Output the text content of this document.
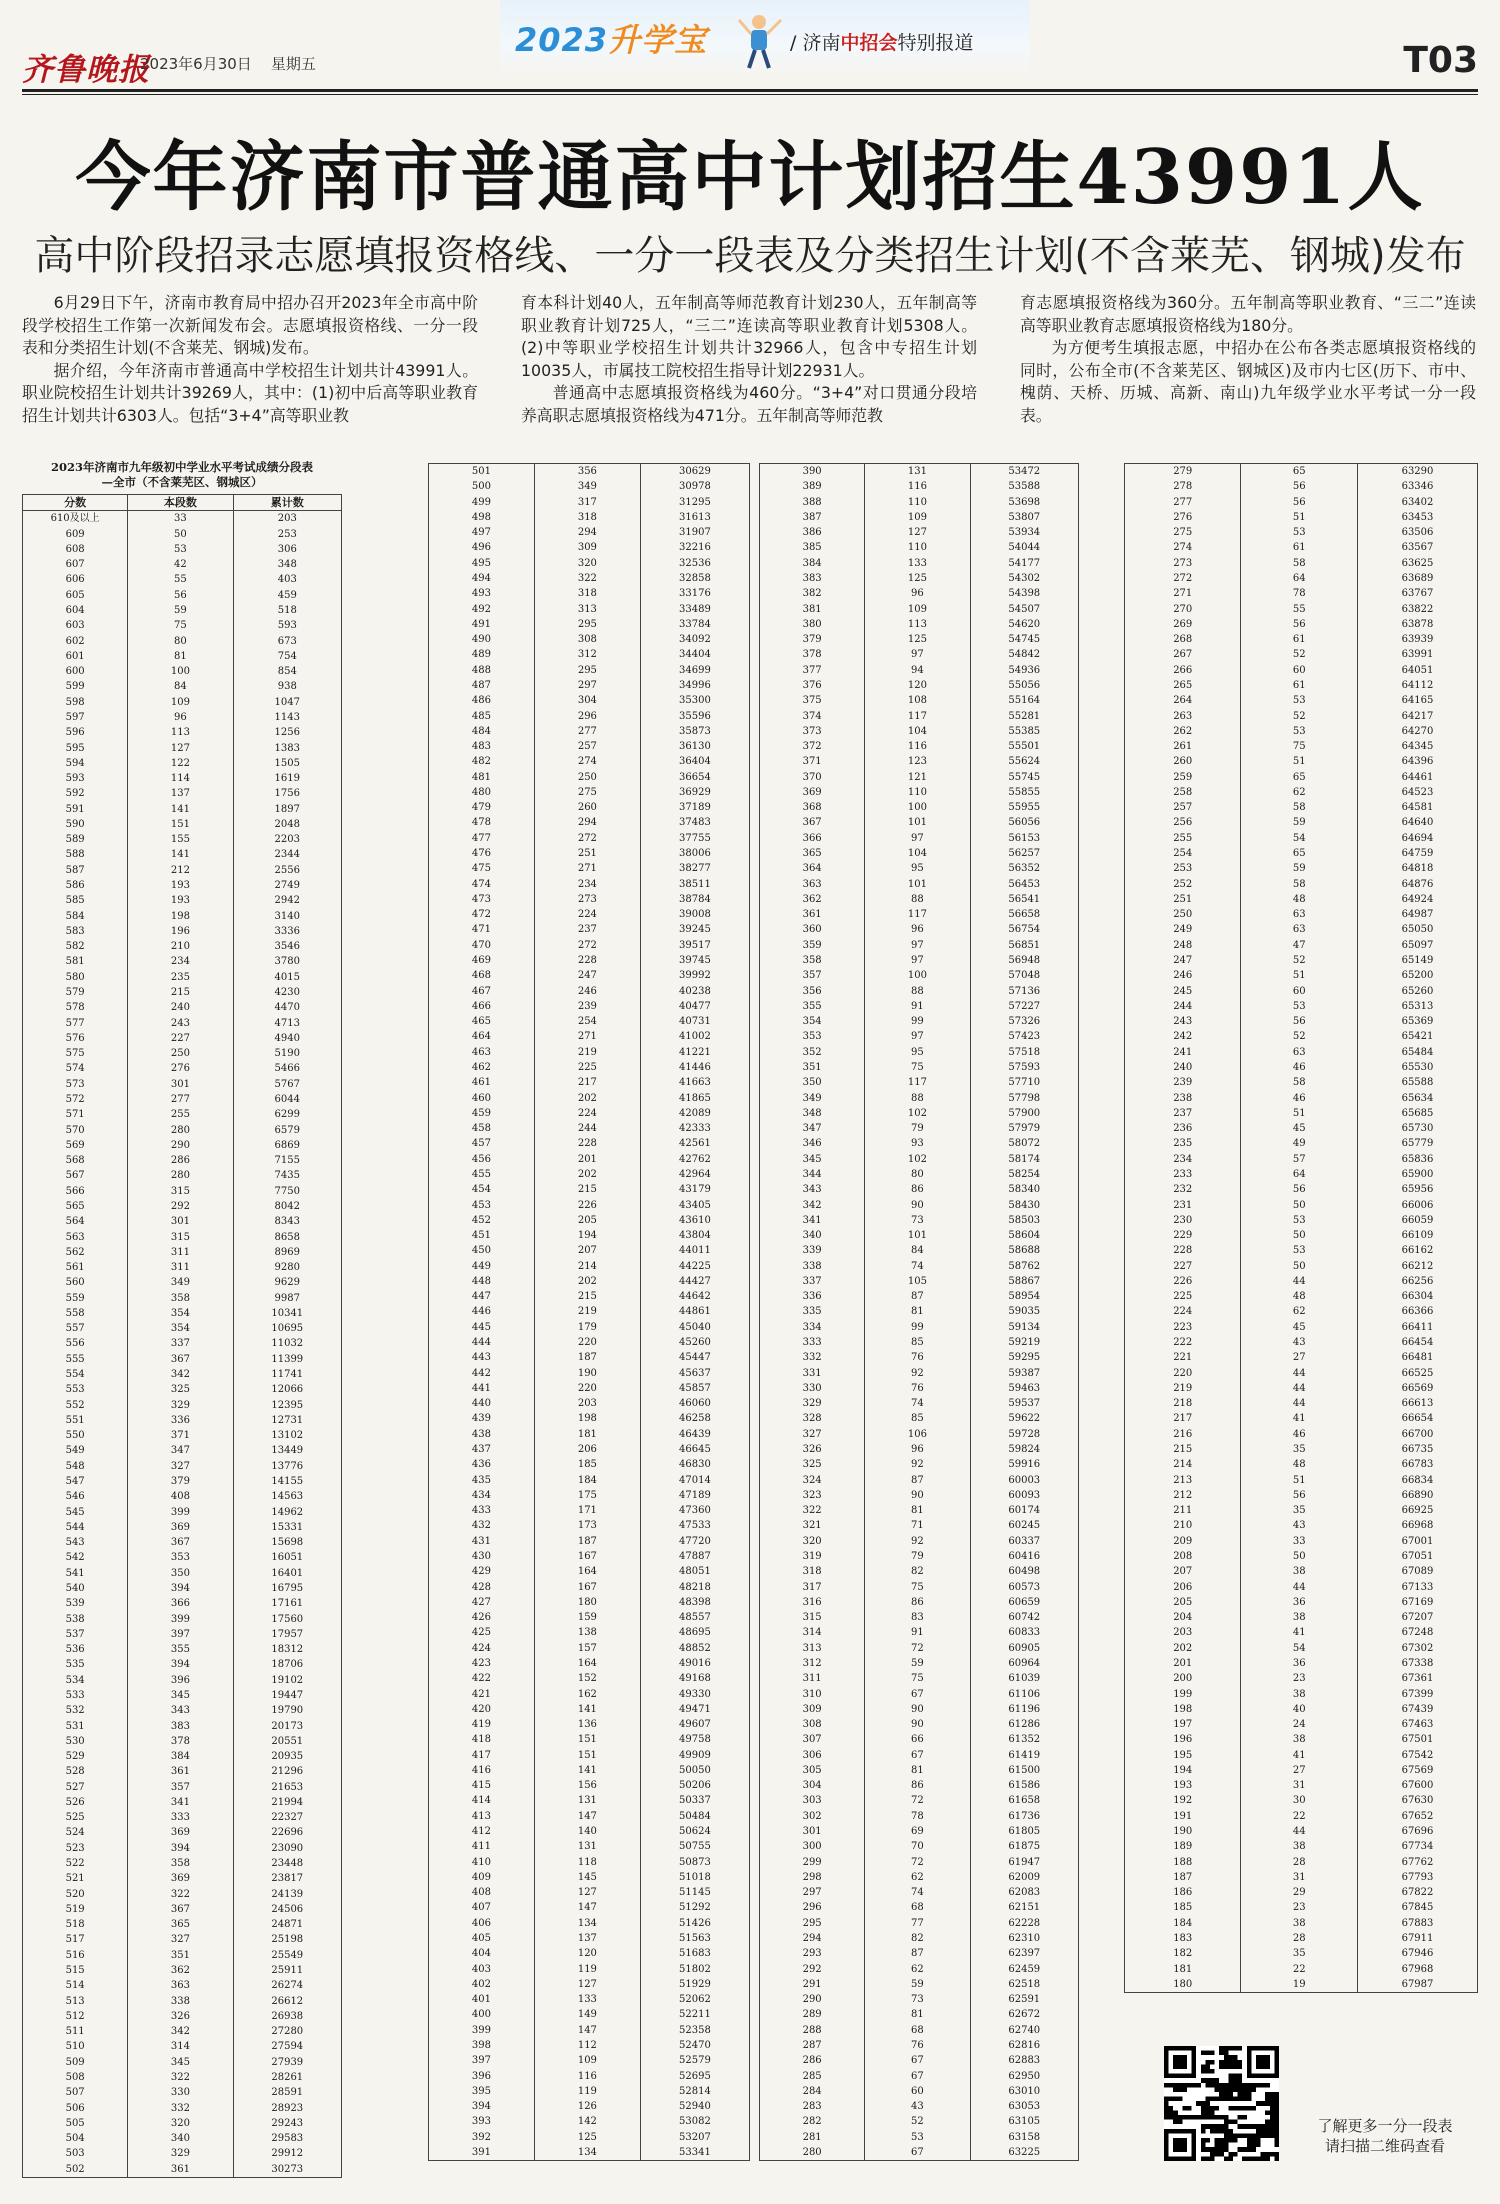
齐鲁晚报
2023年6月30日 星期五
2023升学宝	/ 济南中招会特别报道	T03
今年济南市普通高中计划招生43991人
高中阶段招录志愿填报资格线、一分一段表及分类招生计划(不含莱芜、钢城)发布

6月29日下午，济南市教育局中招办召开2023年全市高中阶段学校招生工作第一次新闻发布会。志愿填报资格线、一分一段表和分类招生计划(不含莱芜、钢城)发布。

据介绍，今年济南市普通高中学校招生计划共计43991人。职业院校招生计划共计39269人，其中：(1)初中后高等职业教育招生计划共计6303人。包括“3+4”高等职业教

育本科计划40人，五年制高等师范教育计划230人，五年制高等职业教育计划725人，“三二”连读高等职业教育计划5308人。(2)中等职业学校招生计划共计32966人，包含中专招生计划10035人，市属技工院校招生指导计划22931人。

普通高中志愿填报资格线为460分。“3+4”对口贯通分段培养高职志愿填报资格线为471分。五年制高等师范教

育志愿填报资格线为360分。五年制高等职业教育、“三二”连读高等职业教育志愿填报资格线为180分。

为方便考生填报志愿，中招办在公布各类志愿填报资格线的同时，公布全市(不含莱芜区、钢城区)及市内七区(历下、市中、槐荫、天桥、历城、高新、南山)九年级学业水平考试一分一段表。

2023年济南市九年级初中学业水平考试成绩分段表
—全市（不含莱芜区、钢城区）
分数	本段数	累计数
610及以上	33	203
609	50	253
608	53	306
607	42	348
606	55	403
605	56	459
604	59	518
603	75	593
602	80	673
601	81	754
600	100	854
599	84	938
598	109	1047
597	96	1143
596	113	1256
595	127	1383
594	122	1505
593	114	1619
592	137	1756
591	141	1897
590	151	2048
589	155	2203
588	141	2344
587	212	2556
586	193	2749
585	193	2942
584	198	3140
583	196	3336
582	210	3546
581	234	3780
580	235	4015
579	215	4230
578	240	4470
577	243	4713
576	227	4940
575	250	5190
574	276	5466
573	301	5767
572	277	6044
571	255	6299
570	280	6579
569	290	6869
568	286	7155
567	280	7435
566	315	7750
565	292	8042
564	301	8343
563	315	8658
562	311	8969
561	311	9280
560	349	9629
559	358	9987
558	354	10341
557	354	10695
556	337	11032
555	367	11399
554	342	11741
553	325	12066
552	329	12395
551	336	12731
550	371	13102
549	347	13449
548	327	13776
547	379	14155
546	408	14563
545	399	14962
544	369	15331
543	367	15698
542	353	16051
541	350	16401
540	394	16795
539	366	17161
538	399	17560
537	397	17957
536	355	18312
535	394	18706
534	396	19102
533	345	19447
532	343	19790
531	383	20173
530	378	20551
529	384	20935
528	361	21296
527	357	21653
526	341	21994
525	333	22327
524	369	22696
523	394	23090
522	358	23448
521	369	23817
520	322	24139
519	367	24506
518	365	24871
517	327	25198
516	351	25549
515	362	25911
514	363	26274
513	338	26612
512	326	26938
511	342	27280
510	314	27594
509	345	27939
508	322	28261
507	330	28591
506	332	28923
505	320	29243
504	340	29583
503	329	29912
502	361	30273
501	356	30629
500	349	30978
499	317	31295
498	318	31613
497	294	31907
496	309	32216
495	320	32536
494	322	32858
493	318	33176
492	313	33489
491	295	33784
490	308	34092
489	312	34404
488	295	34699
487	297	34996
486	304	35300
485	296	35596
484	277	35873
483	257	36130
482	274	36404
481	250	36654
480	275	36929
479	260	37189
478	294	37483
477	272	37755
476	251	38006
475	271	38277
474	234	38511
473	273	38784
472	224	39008
471	237	39245
470	272	39517
469	228	39745
468	247	39992
467	246	40238
466	239	40477
465	254	40731
464	271	41002
463	219	41221
462	225	41446
461	217	41663
460	202	41865
459	224	42089
458	244	42333
457	228	42561
456	201	42762
455	202	42964
454	215	43179
453	226	43405
452	205	43610
451	194	43804
450	207	44011
449	214	44225
448	202	44427
447	215	44642
446	219	44861
445	179	45040
444	220	45260
443	187	45447
442	190	45637
441	220	45857
440	203	46060
439	198	46258
438	181	46439
437	206	46645
436	185	46830
435	184	47014
434	175	47189
433	171	47360
432	173	47533
431	187	47720
430	167	47887
429	164	48051
428	167	48218
427	180	48398
426	159	48557
425	138	48695
424	157	48852
423	164	49016
422	152	49168
421	162	49330
420	141	49471
419	136	49607
418	151	49758
417	151	49909
416	141	50050
415	156	50206
414	131	50337
413	147	50484
412	140	50624
411	131	50755
410	118	50873
409	145	51018
408	127	51145
407	147	51292
406	134	51426
405	137	51563
404	120	51683
403	119	51802
402	127	51929
401	133	52062
400	149	52211
399	147	52358
398	112	52470
397	109	52579
396	116	52695
395	119	52814
394	126	52940
393	142	53082
392	125	53207
391	134	53341
390	131	53472
389	116	53588
388	110	53698
387	109	53807
386	127	53934
385	110	54044
384	133	54177
383	125	54302
382	96	54398
381	109	54507
380	113	54620
379	125	54745
378	97	54842
377	94	54936
376	120	55056
375	108	55164
374	117	55281
373	104	55385
372	116	55501
371	123	55624
370	121	55745
369	110	55855
368	100	55955
367	101	56056
366	97	56153
365	104	56257
364	95	56352
363	101	56453
362	88	56541
361	117	56658
360	96	56754
359	97	56851
358	97	56948
357	100	57048
356	88	57136
355	91	57227
354	99	57326
353	97	57423
352	95	57518
351	75	57593
350	117	57710
349	88	57798
348	102	57900
347	79	57979
346	93	58072
345	102	58174
344	80	58254
343	86	58340
342	90	58430
341	73	58503
340	101	58604
339	84	58688
338	74	58762
337	105	58867
336	87	58954
335	81	59035
334	99	59134
333	85	59219
332	76	59295
331	92	59387
330	76	59463
329	74	59537
328	85	59622
327	106	59728
326	96	59824
325	92	59916
324	87	60003
323	90	60093
322	81	60174
321	71	60245
320	92	60337
319	79	60416
318	82	60498
317	75	60573
316	86	60659
315	83	60742
314	91	60833
313	72	60905
312	59	60964
311	75	61039
310	67	61106
309	90	61196
308	90	61286
307	66	61352
306	67	61419
305	81	61500
304	86	61586
303	72	61658
302	78	61736
301	69	61805
300	70	61875
299	72	61947
298	62	62009
297	74	62083
296	68	62151
295	77	62228
294	82	62310
293	87	62397
292	62	62459
291	59	62518
290	73	62591
289	81	62672
288	68	62740
287	76	62816
286	67	62883
285	67	62950
284	60	63010
283	43	63053
282	52	63105
281	53	63158
280	67	63225
279	65	63290
278	56	63346
277	56	63402
276	51	63453
275	53	63506
274	61	63567
273	58	63625
272	64	63689
271	78	63767
270	55	63822
269	56	63878
268	61	63939
267	52	63991
266	60	64051
265	61	64112
264	53	64165
263	52	64217
262	53	64270
261	75	64345
260	51	64396
259	65	64461
258	62	64523
257	58	64581
256	59	64640
255	54	64694
254	65	64759
253	59	64818
252	58	64876
251	48	64924
250	63	64987
249	63	65050
248	47	65097
247	52	65149
246	51	65200
245	60	65260
244	53	65313
243	56	65369
242	52	65421
241	63	65484
240	46	65530
239	58	65588
238	46	65634
237	51	65685
236	45	65730
235	49	65779
234	57	65836
233	64	65900
232	56	65956
231	50	66006
230	53	66059
229	50	66109
228	53	66162
227	50	66212
226	44	66256
225	48	66304
224	62	66366
223	45	66411
222	43	66454
221	27	66481
220	44	66525
219	44	66569
218	44	66613
217	41	66654
216	46	66700
215	35	66735
214	48	66783
213	51	66834
212	56	66890
211	35	66925
210	43	66968
209	33	67001
208	50	67051
207	38	67089
206	44	67133
205	36	67169
204	38	67207
203	41	67248
202	54	67302
201	36	67338
200	23	67361
199	38	67399
198	40	67439
197	24	67463
196	38	67501
195	41	67542
194	27	67569
193	31	67600
192	30	67630
191	22	67652
190	44	67696
189	38	67734
188	28	67762
187	31	67793
186	29	67822
185	23	67845
184	38	67883
183	28	67911
182	35	67946
181	22	67968
180	19	67987
了解更多一分一段表
请扫描二维码查看
